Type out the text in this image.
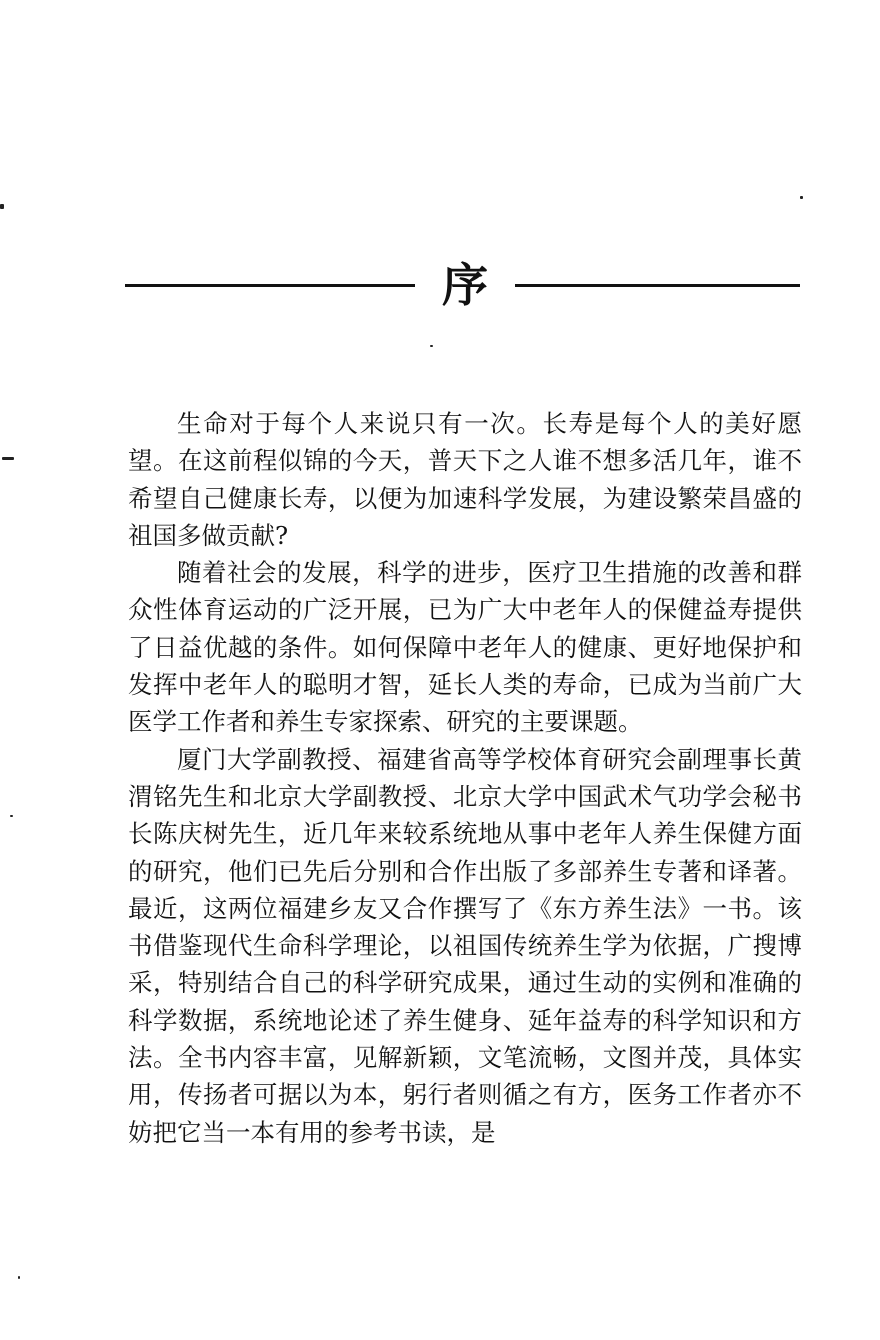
序

生命对于每个人来说只有一次。长寿是每个人的美好愿望。在这前程似锦的今天，普天下之人谁不想多活几年，谁不希望自己健康长寿，以便为加速科学发展，为建设繁荣昌盛的祖国多做贡献?

随着社会的发展，科学的进步，医疗卫生措施的改善和群众性体育运动的广泛开展，已为广大中老年人的保健益寿提供了日益优越的条件。如何保障中老年人的健康、更好地保护和发挥中老年人的聪明才智，延长人类的寿命，已成为当前广大医学工作者和养生专家探索、研究的主要课题。

厦门大学副教授、福建省高等学校体育研究会副理事长黄渭铭先生和北京大学副教授、北京大学中国武术气功学会秘书长陈庆树先生，近几年来较系统地从事中老年人养生保健方面的研究，他们已先后分别和合作出版了多部养生专著和译著。最近，这两位福建乡友又合作撰写了《东方养生法》一书。该书借鉴现代生命科学理论，以祖国传统养生学为依据，广搜博采，特别结合自己的科学研究成果，通过生动的实例和准确的科学数据，系统地论述了养生健身、延年益寿的科学知识和方法。全书内容丰富，见解新颖，文笔流畅，文图并茂，具体实用，传扬者可据以为本，躬行者则循之有方，医务工作者亦不妨把它当一本有用的参考书读，是
